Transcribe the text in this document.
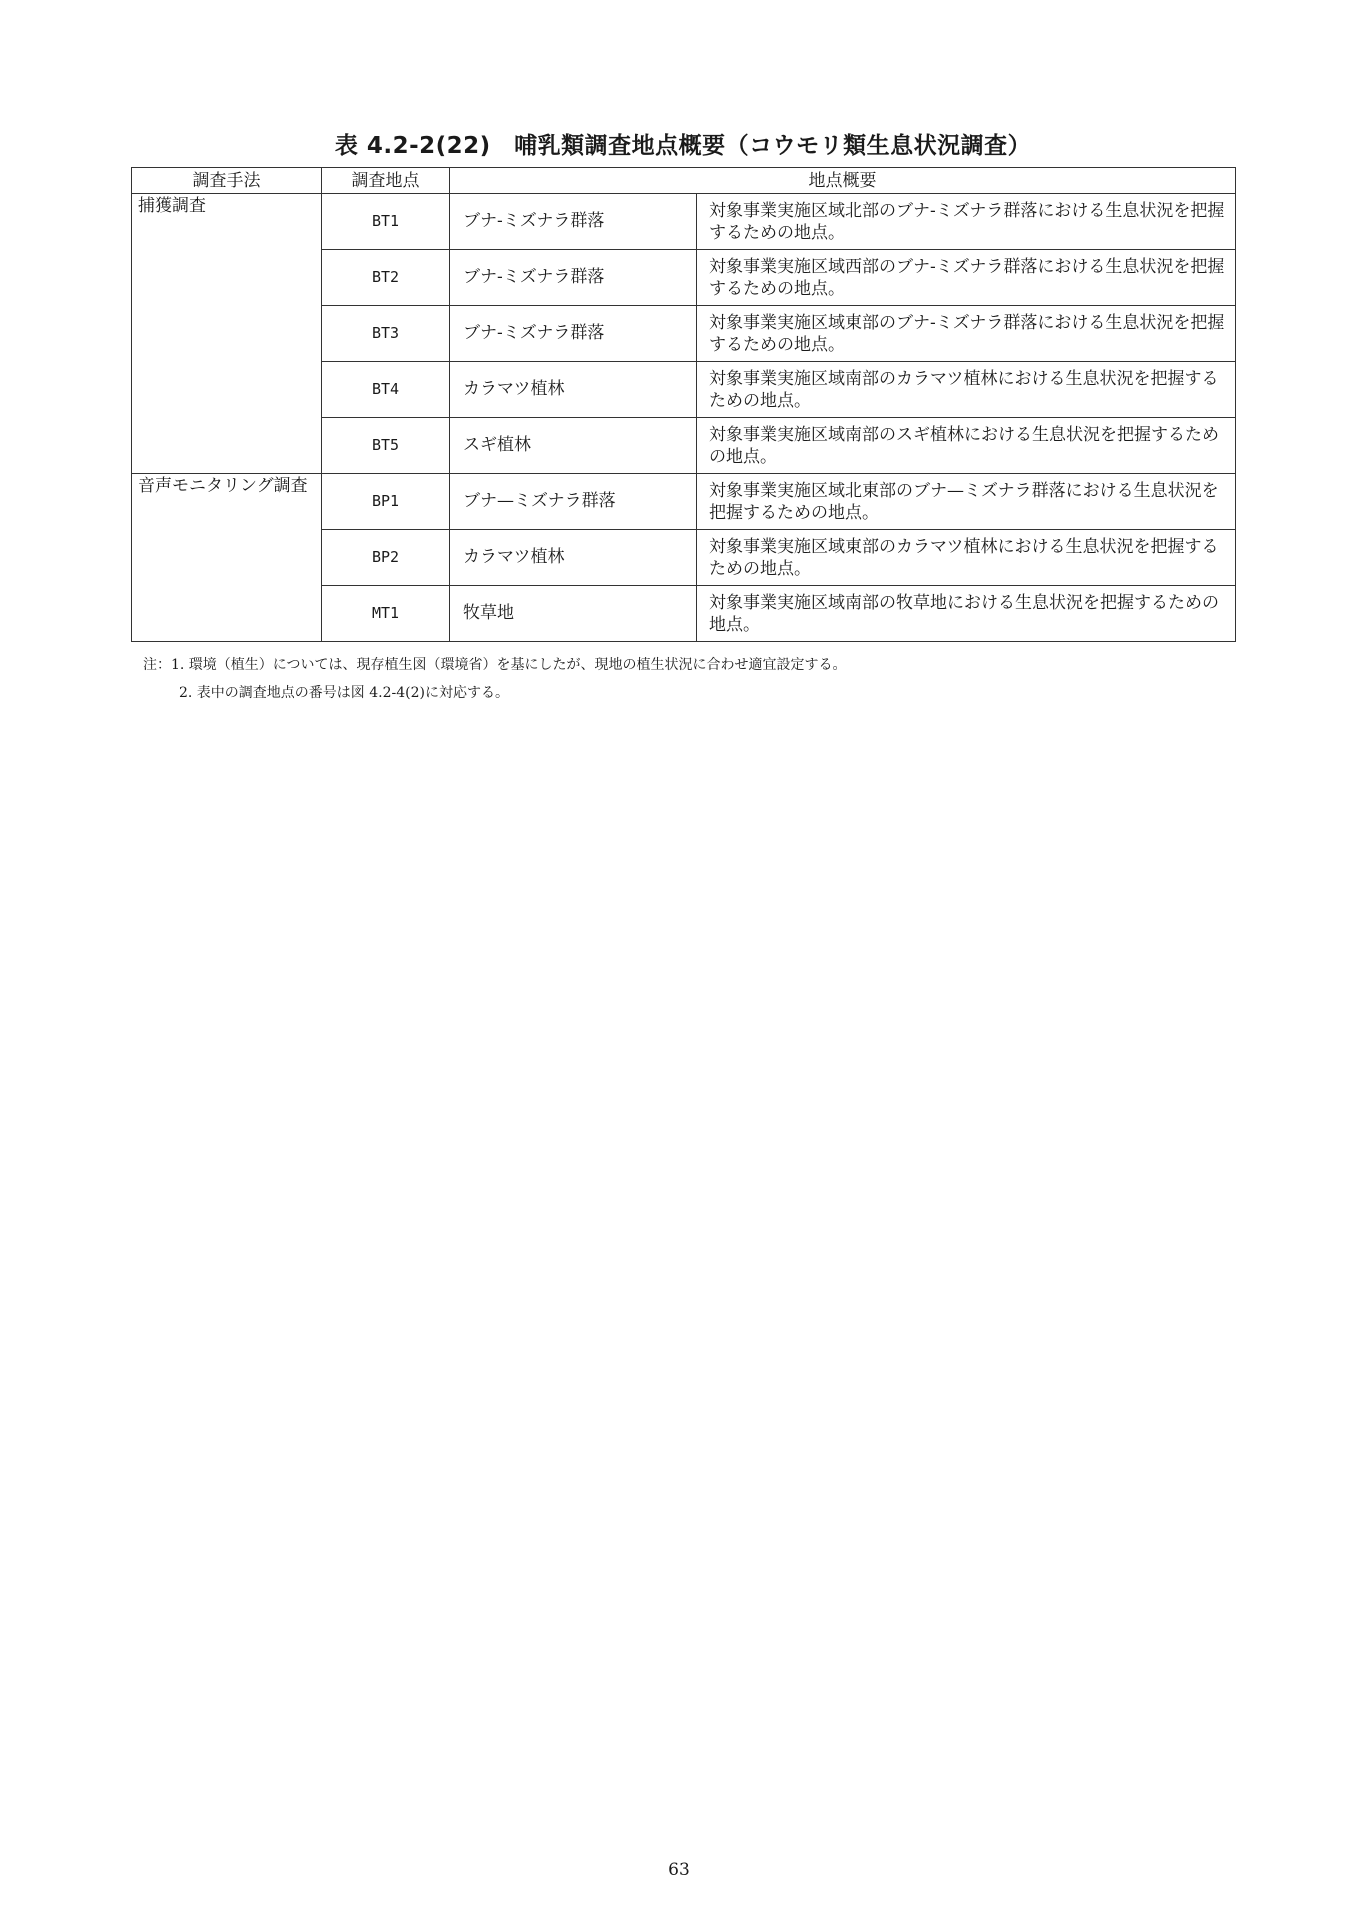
表 4.2-2(22)　哺乳類調査地点概要（コウモリ類生息状況調査）
調査手法	調査地点	地点概要	
捕獲調査	BT1	ブナ-ミズナラ群落	対象事業実施区域北部のブナ-ミズナラ群落における生息状況を把握するための地点。
	BT2	ブナ-ミズナラ群落	対象事業実施区域西部のブナ-ミズナラ群落における生息状況を把握するための地点。
	BT3	ブナ-ミズナラ群落	対象事業実施区域東部のブナ-ミズナラ群落における生息状況を把握するための地点。
	BT4	カラマツ植林	対象事業実施区域南部のカラマツ植林における生息状況を把握するための地点。
	BT5	スギ植林	対象事業実施区域南部のスギ植林における生息状況を把握するための地点。
音声モニタリング調査	BP1	ブナ—ミズナラ群落	対象事業実施区域北東部のブナ—ミズナラ群落における生息状況を把握するための地点。
	BP2	カラマツ植林	対象事業実施区域東部のカラマツ植林における生息状況を把握するための地点。
	MT1	牧草地	対象事業実施区域南部の牧草地における生息状況を把握するための地点。
注：1. 環境（植生）については、現存植生図（環境省）を基にしたが、現地の植生状況に合わせ適宜設定する。
2. 表中の調査地点の番号は図 4.2-4(2)に対応する。
63
